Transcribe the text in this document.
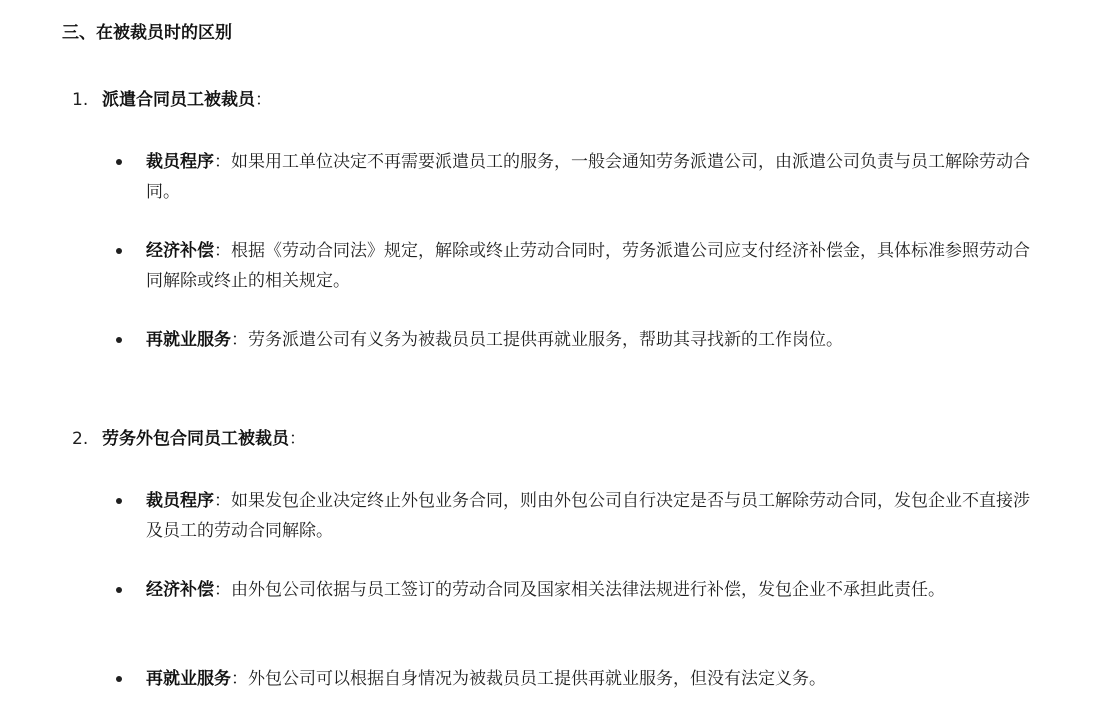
三、在被裁员时的区别
1. 派遣合同员工被裁员：
裁员程序：如果用工单位决定不再需要派遣员工的服务，一般会通知劳务派遣公司，由派遣公司负责与员工解除劳动合同。
经济补偿：根据《劳动合同法》规定，解除或终止劳动合同时，劳务派遣公司应支付经济补偿金，具体标准参照劳动合同解除或终止的相关规定。
再就业服务：劳务派遣公司有义务为被裁员员工提供再就业服务，帮助其寻找新的工作岗位。
2. 劳务外包合同员工被裁员：
裁员程序：如果发包企业决定终止外包业务合同，则由外包公司自行决定是否与员工解除劳动合同，发包企业不直接涉及员工的劳动合同解除。
经济补偿：由外包公司依据与员工签订的劳动合同及国家相关法律法规进行补偿，发包企业不承担此责任。
再就业服务：外包公司可以根据自身情况为被裁员员工提供再就业服务，但没有法定义务。
